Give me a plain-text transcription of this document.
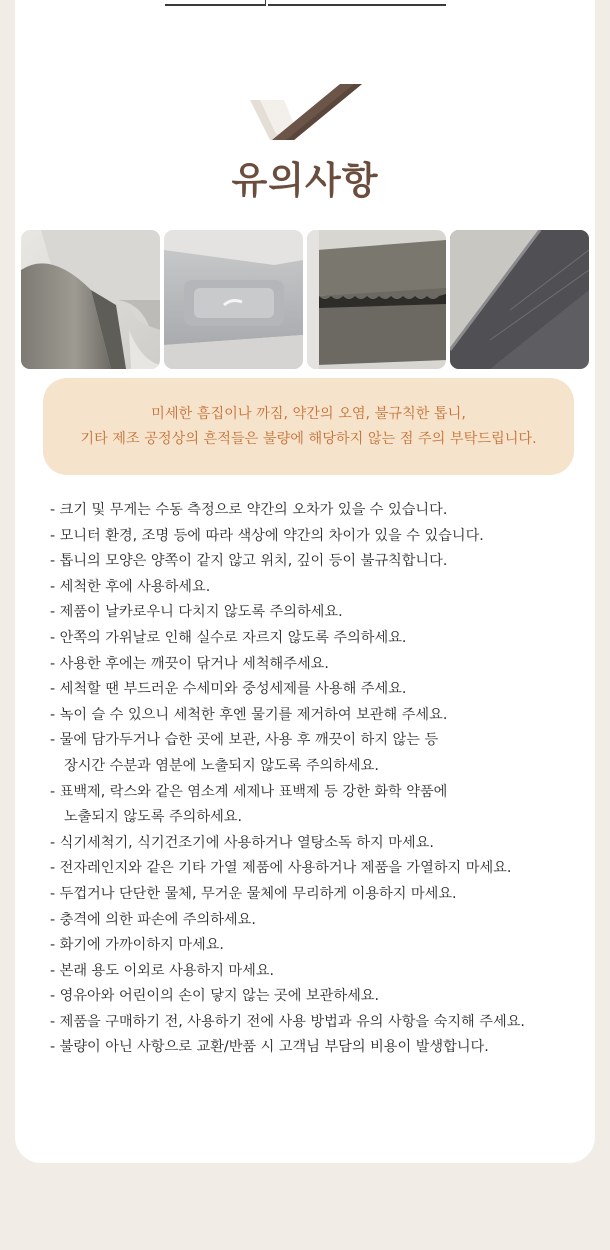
유의사항
미세한 흠집이나 까짐, 약간의 오염, 불규칙한 톱니,
기타 제조 공정상의 흔적들은 불량에 해당하지 않는 점 주의 부탁드립니다.
- 크기 및 무게는 수동 측정으로 약간의 오차가 있을 수 있습니다.
- 모니터 환경, 조명 등에 따라 색상에 약간의 차이가 있을 수 있습니다.
- 톱니의 모양은 양쪽이 같지 않고 위치, 깊이 등이 불규칙합니다.
- 세척한 후에 사용하세요.
- 제품이 날카로우니 다치지 않도록 주의하세요.
- 안쪽의 가위날로 인해 실수로 자르지 않도록 주의하세요.
- 사용한 후에는 깨끗이 닦거나 세척해주세요.
- 세척할 땐 부드러운 수세미와 중성세제를 사용해 주세요.
- 녹이 슬 수 있으니 세척한 후엔 물기를 제거하여 보관해 주세요.
- 물에 담가두거나 습한 곳에 보관, 사용 후 깨끗이 하지 않는 등
장시간 수분과 염분에 노출되지 않도록 주의하세요.
- 표백제, 락스와 같은 염소계 세제나 표백제 등 강한 화학 약품에
노출되지 않도록 주의하세요.
- 식기세척기, 식기건조기에 사용하거나 열탕소독 하지 마세요.
- 전자레인지와 같은 기타 가열 제품에 사용하거나 제품을 가열하지 마세요.
- 두껍거나 단단한 물체, 무거운 물체에 무리하게 이용하지 마세요.
- 충격에 의한 파손에 주의하세요.
- 화기에 가까이하지 마세요.
- 본래 용도 이외로 사용하지 마세요.
- 영유아와 어린이의 손이 닿지 않는 곳에 보관하세요.
- 제품을 구매하기 전, 사용하기 전에 사용 방법과 유의 사항을 숙지해 주세요.
- 불량이 아닌 사항으로 교환/반품 시 고객님 부담의 비용이 발생합니다.
